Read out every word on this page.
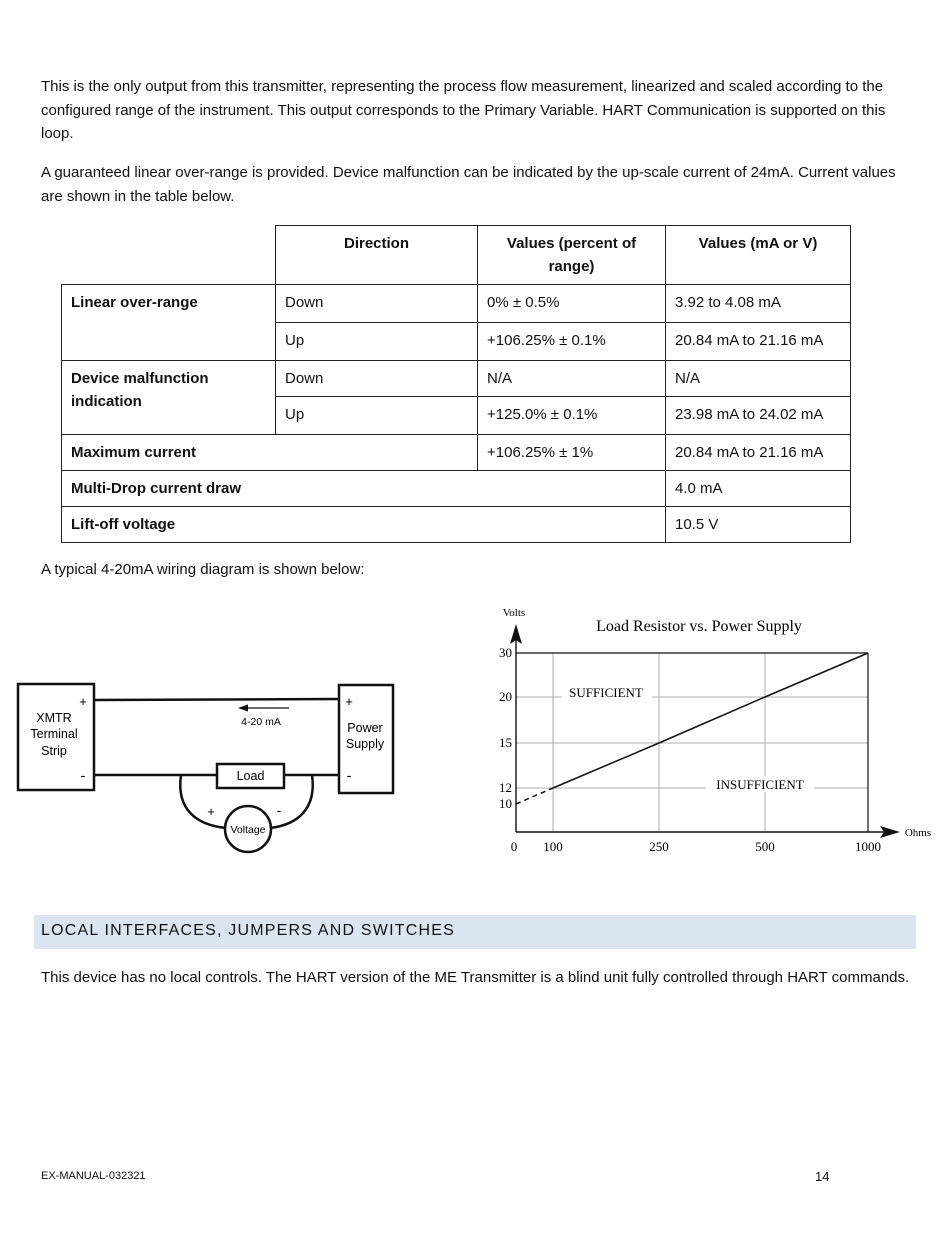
This is the only output from this transmitter, representing the process flow measurement, linearized and scaled according to the configured range of the instrument. This output corresponds to the Primary Variable. HART Communication is supported on this loop.

A guaranteed linear over-range is provided. Device malfunction can be indicated by the up-scale current of 24mA. Current values are shown in the table below.

	Direction	Values (percent of range)	Values (mA or V)
Linear over-range	Down	0% ± 0.5%	3.92 to 4.08 mA
	Up	+106.25% ± 0.1%	20.84 mA to 21.16 mA
Device malfunction indication	Down	N/A	N/A
	Up	+125.0% ± 0.1%	23.98 mA to 24.02 mA
Maximum current		+106.25% ± 1%	20.84 mA to 21.16 mA
Multi-Drop current draw			4.0 mA
Lift-off voltage			10.5 V

A typical 4-20mA wiring diagram is shown below:

XMTR
Terminal
Strip
+
-
+
-
Power
Supply
4-20 mA
Load
Voltage
+	-
0 100	250	500	1000
10
12
15
20
30
Load Resistor vs. Power Supply
Volts
Ohms
SUFFICIENT
INSUFFICIENT
LOCAL INTERFACES, JUMPERS AND SWITCHES

This device has no local controls. The HART version of the ME Transmitter is a blind unit fully controlled through HART commands.

EX-MANUAL-032321	14
